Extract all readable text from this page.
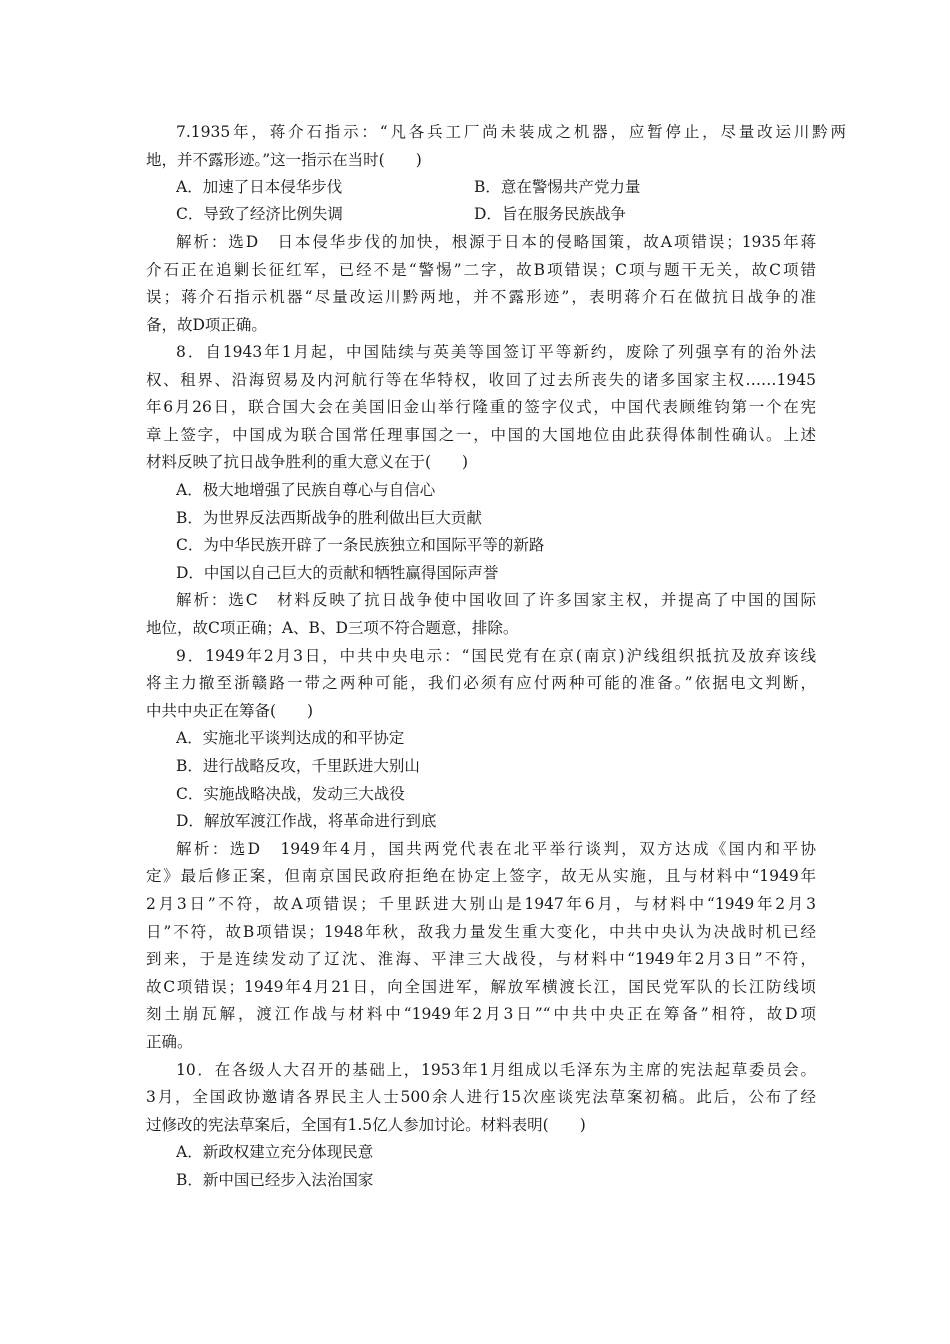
7.1935年，蒋介石指示：“凡各兵工厂尚未装成之机器，应暂停止，尽量改运川黔两
地，并不露形迹。”这一指示在当时(　　)
A．加速了日本侵华步伐	B．意在警惕共产党力量
C．导致了经济比例失调	D．旨在服务民族战争
解析：选D　日本侵华步伐的加快，根源于日本的侵略国策，故A项错误；1935年蒋
介石正在追剿长征红军，已经不是“警惕”二字，故B项错误；C项与题干无关，故C项错
误；蒋介石指示机器“尽量改运川黔两地，并不露形迹”，表明蒋介石在做抗日战争的准
备，故D项正确。
8．自1943年1月起，中国陆续与英美等国签订平等新约，废除了列强享有的治外法
权、租界、沿海贸易及内河航行等在华特权，收回了过去所丧失的诸多国家主权……1945
年6月26日，联合国大会在美国旧金山举行隆重的签字仪式，中国代表顾维钧第一个在宪
章上签字，中国成为联合国常任理事国之一，中国的大国地位由此获得体制性确认。上述
材料反映了抗日战争胜利的重大意义在于(　　)
A．极大地增强了民族自尊心与自信心
B．为世界反法西斯战争的胜利做出巨大贡献
C．为中华民族开辟了一条民族独立和国际平等的新路
D．中国以自己巨大的贡献和牺牲赢得国际声誉
解析：选C　材料反映了抗日战争使中国收回了许多国家主权，并提高了中国的国际
地位，故C项正确；A、B、D三项不符合题意，排除。
9．1949年2月3日，中共中央电示：“国民党有在京(南京)沪线组织抵抗及放弃该线
将主力撤至浙赣路一带之两种可能，我们必须有应付两种可能的准备。”依据电文判断，
中共中央正在筹备(　　)
A．实施北平谈判达成的和平协定
B．进行战略反攻，千里跃进大别山
C．实施战略决战，发动三大战役
D．解放军渡江作战，将革命进行到底
解析：选D　1949年4月，国共两党代表在北平举行谈判，双方达成《国内和平协
定》最后修正案，但南京国民政府拒绝在协定上签字，故无从实施，且与材料中“1949年
2月3日”不符，故A项错误；千里跃进大别山是1947年6月，与材料中“1949年2月3
日”不符，故B项错误；1948年秋，敌我力量发生重大变化，中共中央认为决战时机已经
到来，于是连续发动了辽沈、淮海、平津三大战役，与材料中“1949年2月3日”不符，
故C项错误；1949年4月21日，向全国进军，解放军横渡长江，国民党军队的长江防线顷
刻土崩瓦解，渡江作战与材料中“1949年2月3日”“中共中央正在筹备”相符，故D项
正确。
10．在各级人大召开的基础上，1953年1月组成以毛泽东为主席的宪法起草委员会。
3月，全国政协邀请各界民主人士500余人进行15次座谈宪法草案初稿。此后，公布了经
过修改的宪法草案后，全国有1.5亿人参加讨论。材料表明(　　)
A．新政权建立充分体现民意
B．新中国已经步入法治国家
